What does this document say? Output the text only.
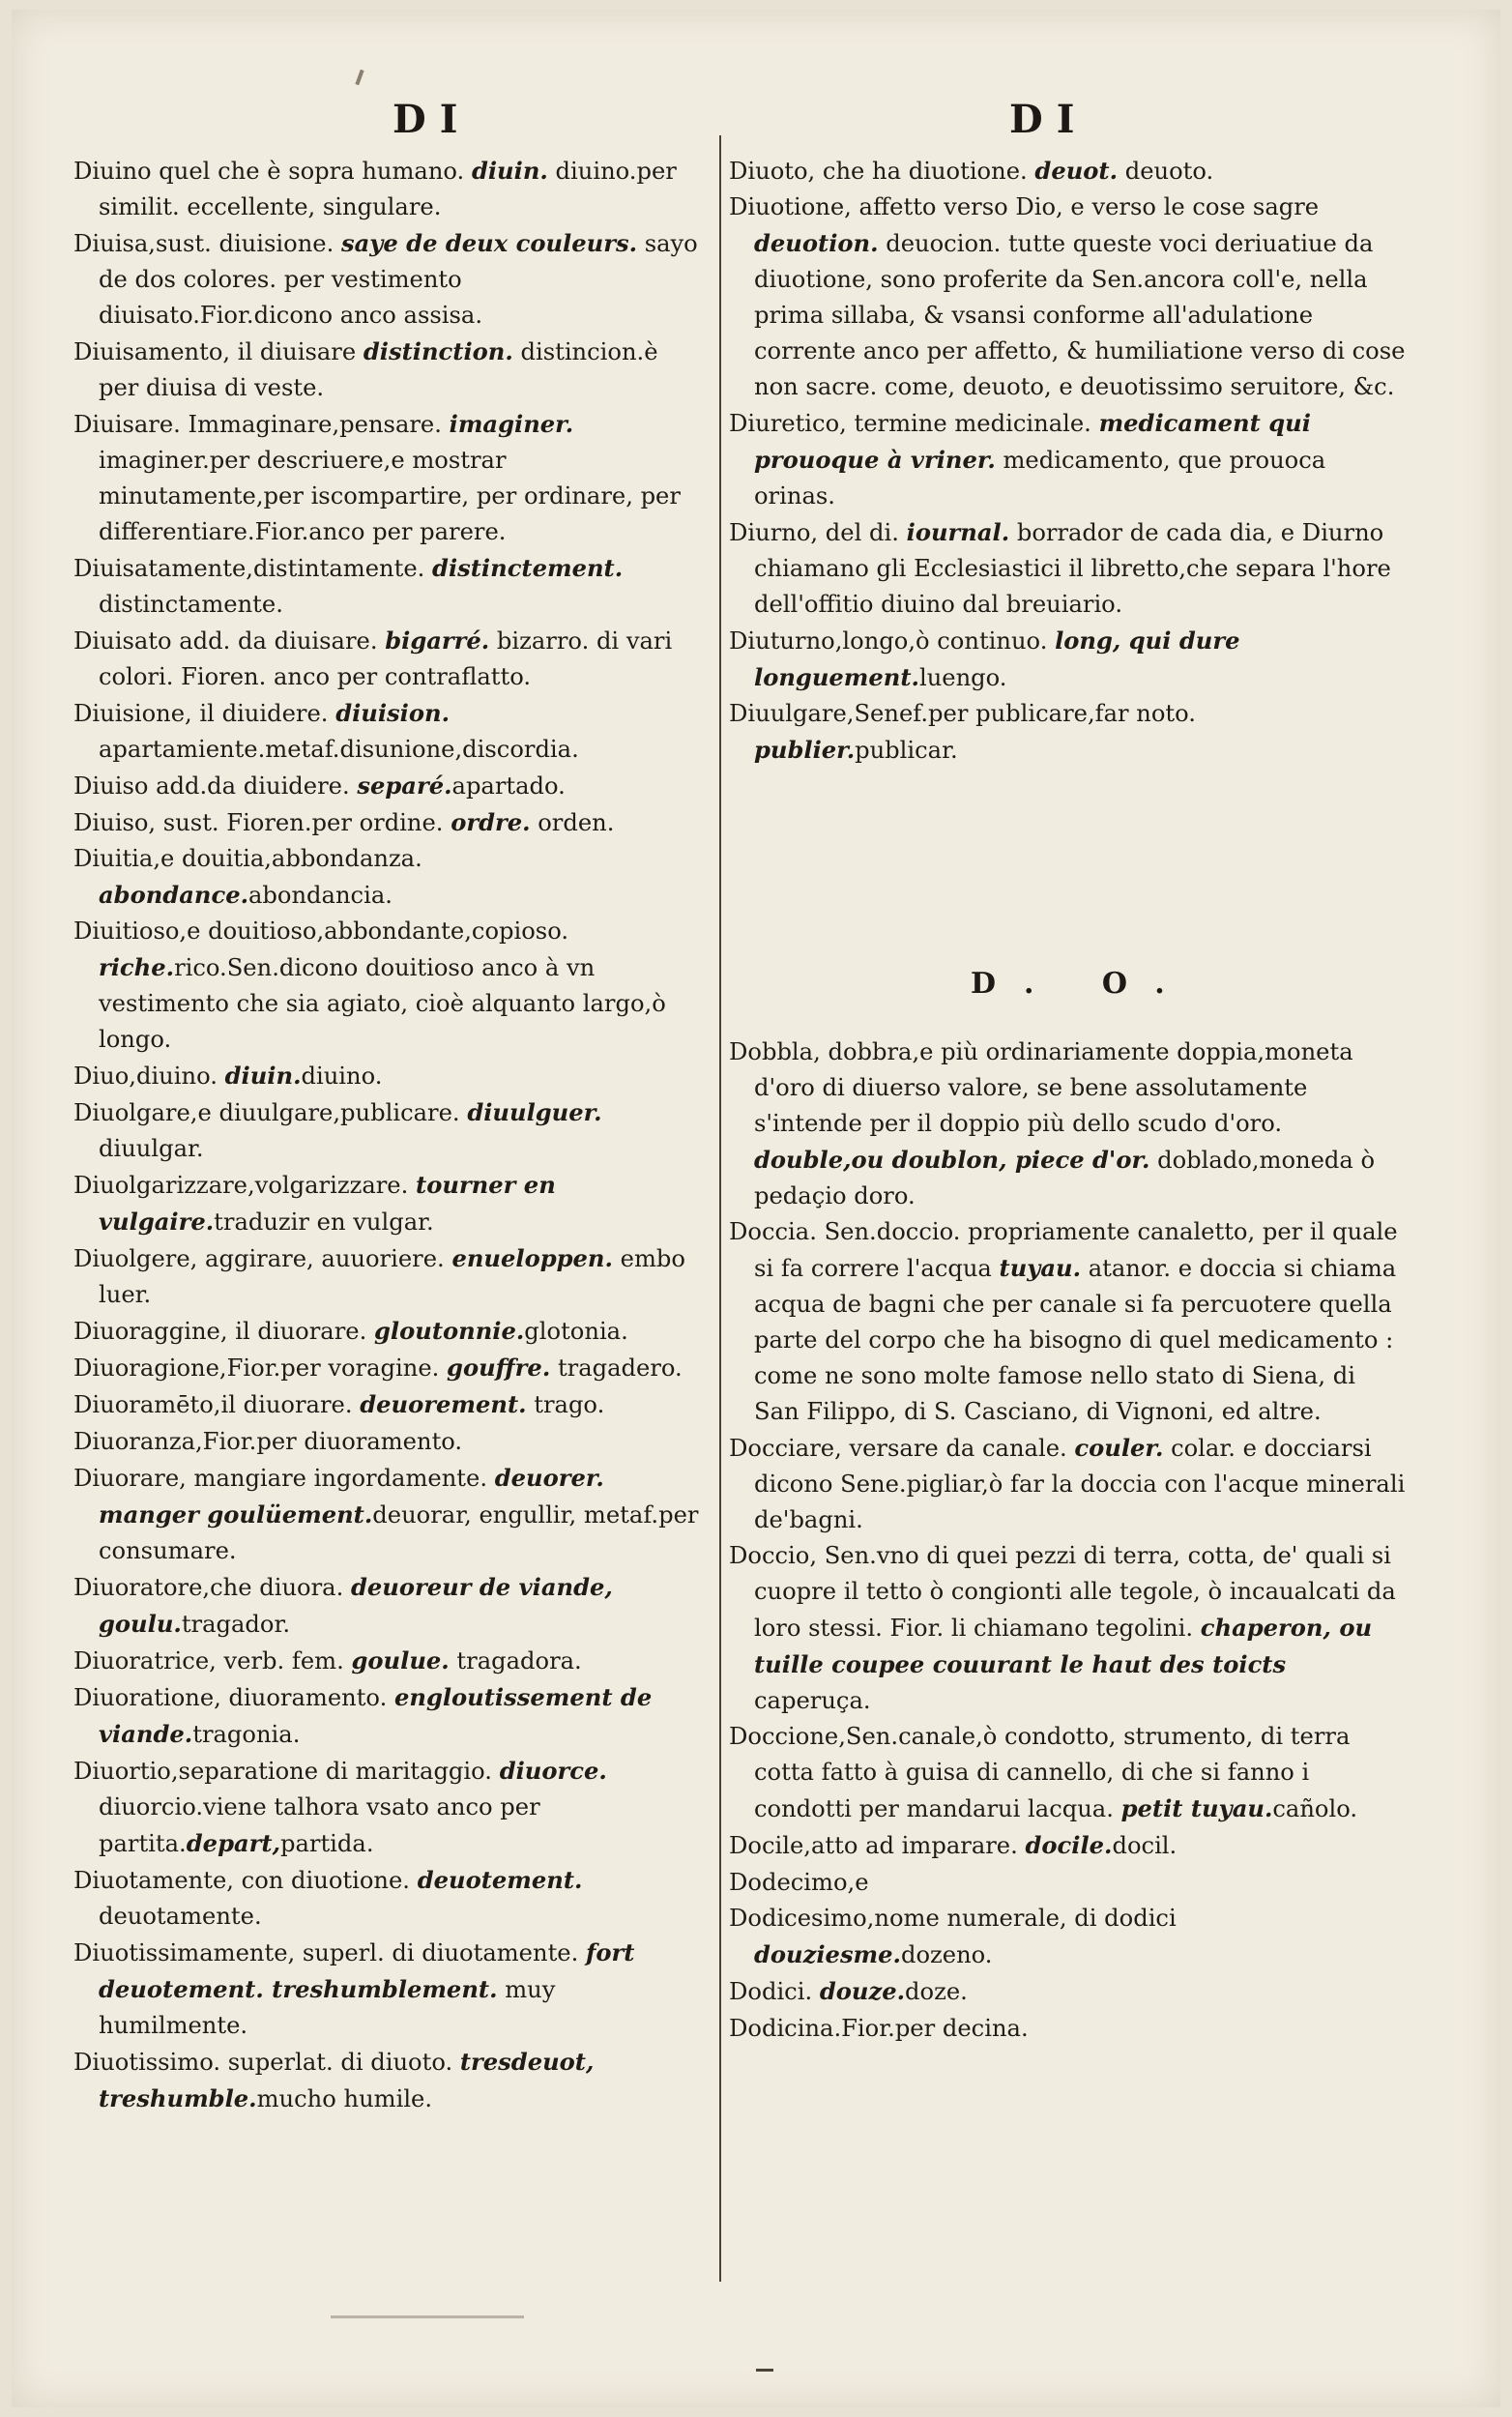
DI
Diuino quel che è sopra humano. diuin. diuino.per similit. eccellente, singulare.
Diuisa,sust. diuisione. saye de deux couleurs. sayo de dos colores. per vestimento diuisato.Fior.dicono anco assisa.
Diuisamento, il diuisare distinction. distincion.è per diuisa di veste.
Diuisare. Immaginare,pensare. imaginer. imaginer.per descriuere,e mostrar minutamente,per iscompartire, per ordinare, per differentiare.Fior.anco per parere.
Diuisatamente,distintamente. distinctement. distinctamente.
Diuisato add. da diuisare. bigarré. bizarro. di vari colori. Fioren. anco per contraflatto.
Diuisione, il diuidere. diuision. apartamiente.metaf.disunione,discordia.
Diuiso add.da diuidere. separé.apartado.
Diuiso, sust. Fioren.per ordine. ordre. orden.
Diuitia,e douitia,abbondanza. abondance.abondancia.
Diuitioso,e douitioso,abbondante,copioso. riche.rico.Sen.dicono douitioso anco à vn vestimento che sia agiato, cioè alquanto largo,ò longo.
Diuo,diuino. diuin.diuino.
Diuolgare,e diuulgare,publicare. diuulguer. diuulgar.
Diuolgarizzare,volgarizzare. tourner en vulgaire.traduzir en vulgar.
Diuolgere, aggirare, auuoriere. enueloppen. embo luer.
Diuoraggine, il diuorare. gloutonnie.glotonia.
Diuoragione,Fior.per voragine. gouffre. tragadero.
Diuoramēto,il diuorare. deuorement. trago.
Diuoranza,Fior.per diuoramento.
Diuorare, mangiare ingordamente. deuorer. manger goulüement.deuorar, engullir, metaf.per consumare.
Diuoratore,che diuora. deuoreur de viande, goulu.tragador.
Diuoratrice, verb. fem. goulue. tragadora.
Diuoratione, diuoramento. engloutissement de viande.tragonia.
Diuortio,separatione di maritaggio. diuorce. diuorcio.viene talhora vsato anco per partita.depart,partida.
Diuotamente, con diuotione. deuotement. deuotamente.
Diuotissimamente, superl. di diuotamente. fort deuotement. treshumblement. muy humilmente.
Diuotissimo. superlat. di diuoto. tresdeuot, treshumble.mucho humile.
DI
Diuoto, che ha diuotione. deuot. deuoto.
Diuotione, affetto verso Dio, e verso le cose sagre deuotion. deuocion. tutte queste voci deriuatiue da diuotione, sono proferite da Sen.ancora coll'e, nella prima sillaba, & vsansi conforme all'adulatione corrente anco per affetto, & humiliatione verso di cose non sacre. come, deuoto, e deuotissimo seruitore, &c.
Diuretico, termine medicinale. medicament qui prouoque à vriner. medicamento, que prouoca orinas.
Diurno, del di. iournal. borrador de cada dia, e Diurno chiamano gli Ecclesiastici il libretto,che separa l'hore dell'offitio diuino dal breuiario.
Diuturno,longo,ò continuo. long, qui dure longuement.luengo.
Diuulgare,Senef.per publicare,far noto. publier.publicar.
D. O.
Dobbla, dobbra,e più ordinariamente doppia,moneta d'oro di diuerso valore, se bene assolutamente s'intende per il doppio più dello scudo d'oro. double,ou doublon, piece d'or. doblado,moneda ò pedaçio doro.
Doccia. Sen.doccio. propriamente canaletto, per il quale si fa correre l'acqua tuyau. atanor. e doccia si chiama acqua de bagni che per canale si fa percuotere quella parte del corpo che ha bisogno di quel medicamento : come ne sono molte famose nello stato di Siena, di San Filippo, di S. Casciano, di Vignoni, ed altre.
Docciare, versare da canale. couler. colar. e docciarsi dicono Sene.pigliar,ò far la doccia con l'acque minerali de'bagni.
Doccio, Sen.vno di quei pezzi di terra, cotta, de' quali si cuopre il tetto ò congionti alle tegole, ò incaualcati da loro stessi. Fior. li chiamano tegolini. chaperon, ou tuille coupee couurant le haut des toicts caperuça.
Doccione,Sen.canale,ò condotto, strumento, di terra cotta fatto à guisa di cannello, di che si fanno i condotti per mandarui lacqua. petit tuyau.cañolo.
Docile,atto ad imparare. docile.docil.
Dodecimo,e
Dodicesimo,nome numerale, di dodici douziesme.dozeno.
Dodici. douze.doze.
Dodicina.Fior.per decina.
